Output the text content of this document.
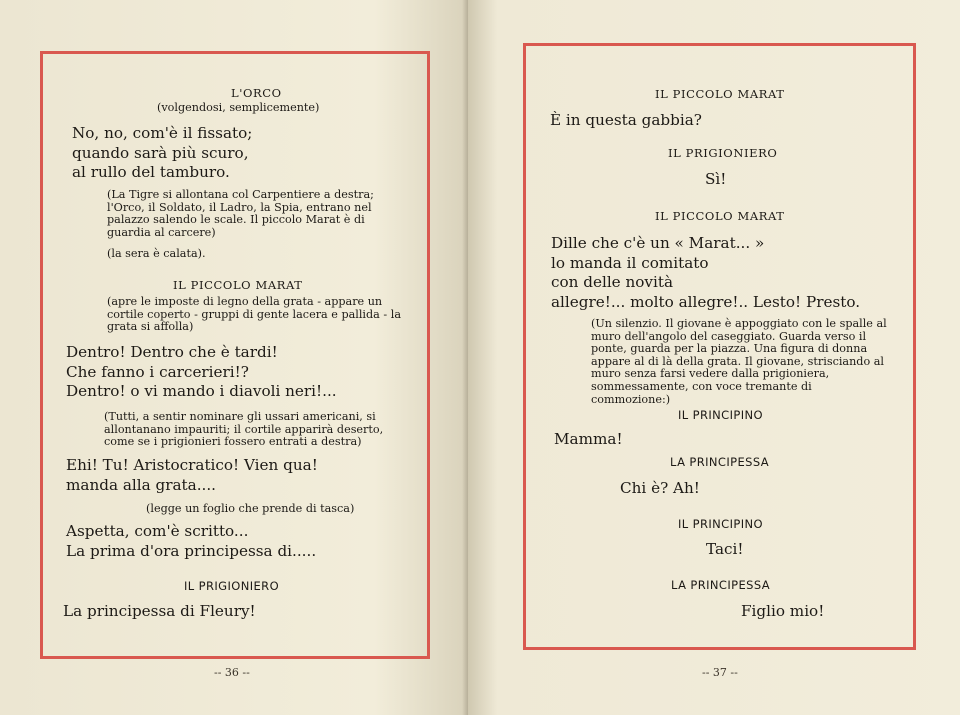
L'ORCO
(volgendosi, semplicemente)
No, no, com'è il fissato;
quando sarà più scuro,
al rullo del tamburo.
(La Tigre si allontana col Carpentiere a destra; l'Orco, il Soldato, il Ladro, la Spia, entrano nel palazzo salendo le scale. Il piccolo Marat è di guardia al carcere)
(la sera è calata).
IL PICCOLO MARAT
(apre le imposte di legno della grata - appare un cortile coperto - gruppi di gente lacera e pallida - la grata si affolla)
Dentro! Dentro che è tardi!
Che fanno i carcerieri!?
Dentro! o vi mando i diavoli neri!...
(Tutti, a sentir nominare gli ussari americani, si allontanano impauriti; il cortile apparirà deserto, come se i prigionieri fossero entrati a destra)
Ehi! Tu! Aristocratico! Vien qua!
manda alla grata....
(legge un foglio che prende di tasca)
Aspetta, com'è scritto...
La prima d'ora principessa di.....
IL PRIGIONIERO
La principessa di Fleury!
-- 36 --
IL PICCOLO MARAT
È in questa gabbia?
IL PRIGIONIERO
Sì!
IL PICCOLO MARAT
Dille che c'è un « Marat... »
lo manda il comitato
con delle novità
allegre!... molto allegre!.. Lesto! Presto.
(Un silenzio. Il giovane è appoggiato con le spalle al muro dell'angolo del caseggiato. Guarda verso il ponte, guarda per la piazza. Una figura di donna appare al di là della grata. Il giovane, strisciando al muro senza farsi vedere dalla prigioniera, sommessamente, con voce tremante di commozione:)
IL PRINCIPINO
Mamma!
LA PRINCIPESSA
Chi è? Ah!
IL PRINCIPINO
Taci!
LA PRINCIPESSA
Figlio mio!
-- 37 --
